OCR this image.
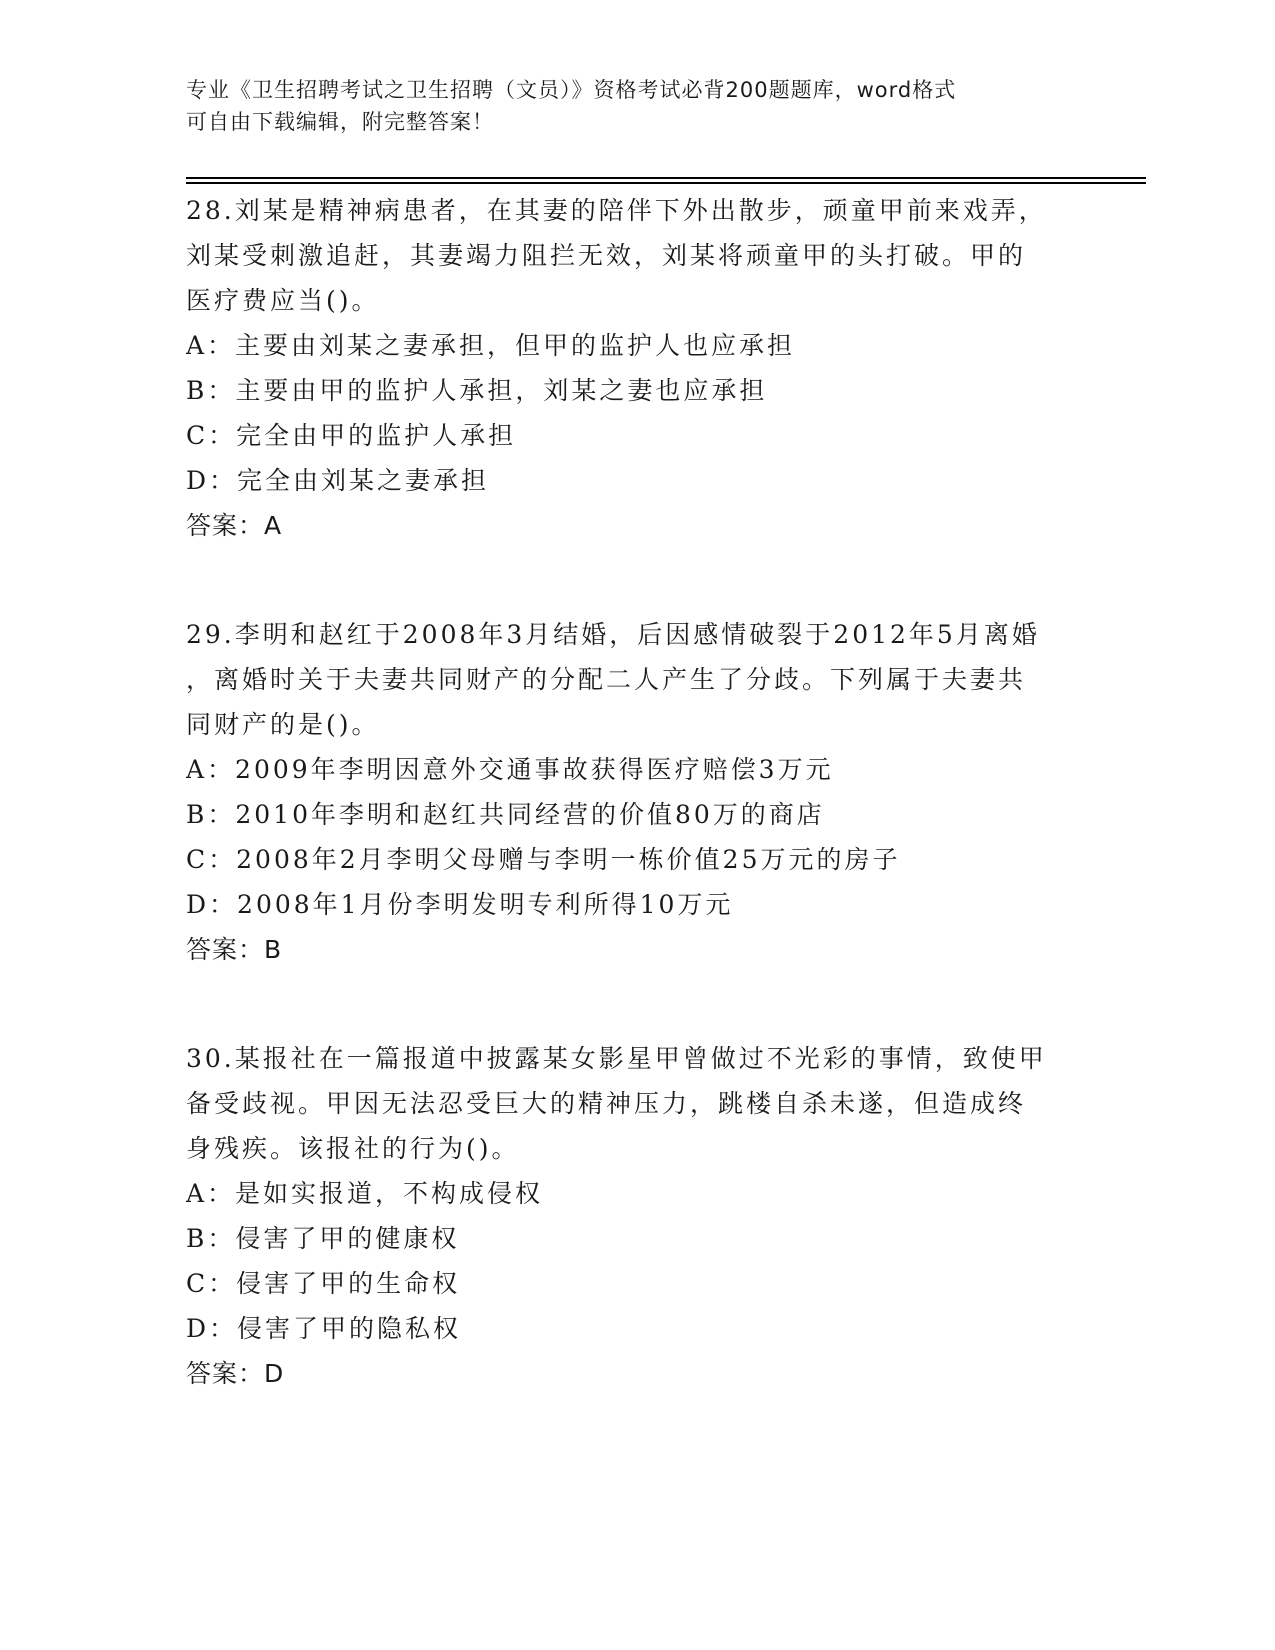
专业《卫生招聘考试之卫生招聘（文员）》资格考试必背200题题库，word格式
可自由下载编辑，附完整答案！
28.刘某是精神病患者，在其妻的陪伴下外出散步，顽童甲前来戏弄，
刘某受刺激追赶，其妻竭力阻拦无效，刘某将顽童甲的头打破。甲的
医疗费应当()。
A：主要由刘某之妻承担，但甲的监护人也应承担
B：主要由甲的监护人承担，刘某之妻也应承担
C：完全由甲的监护人承担
D：完全由刘某之妻承担
答案：A
29.李明和赵红于2008年3月结婚，后因感情破裂于2012年5月离婚
，离婚时关于夫妻共同财产的分配二人产生了分歧。下列属于夫妻共
同财产的是()。
A：2009年李明因意外交通事故获得医疗赔偿3万元
B：2010年李明和赵红共同经营的价值80万的商店
C：2008年2月李明父母赠与李明一栋价值25万元的房子
D：2008年1月份李明发明专利所得10万元
答案：B
30.某报社在一篇报道中披露某女影星甲曾做过不光彩的事情，致使甲
备受歧视。甲因无法忍受巨大的精神压力，跳楼自杀未遂，但造成终
身残疾。该报社的行为()。
A：是如实报道，不构成侵权
B：侵害了甲的健康权
C：侵害了甲的生命权
D：侵害了甲的隐私权
答案：D
